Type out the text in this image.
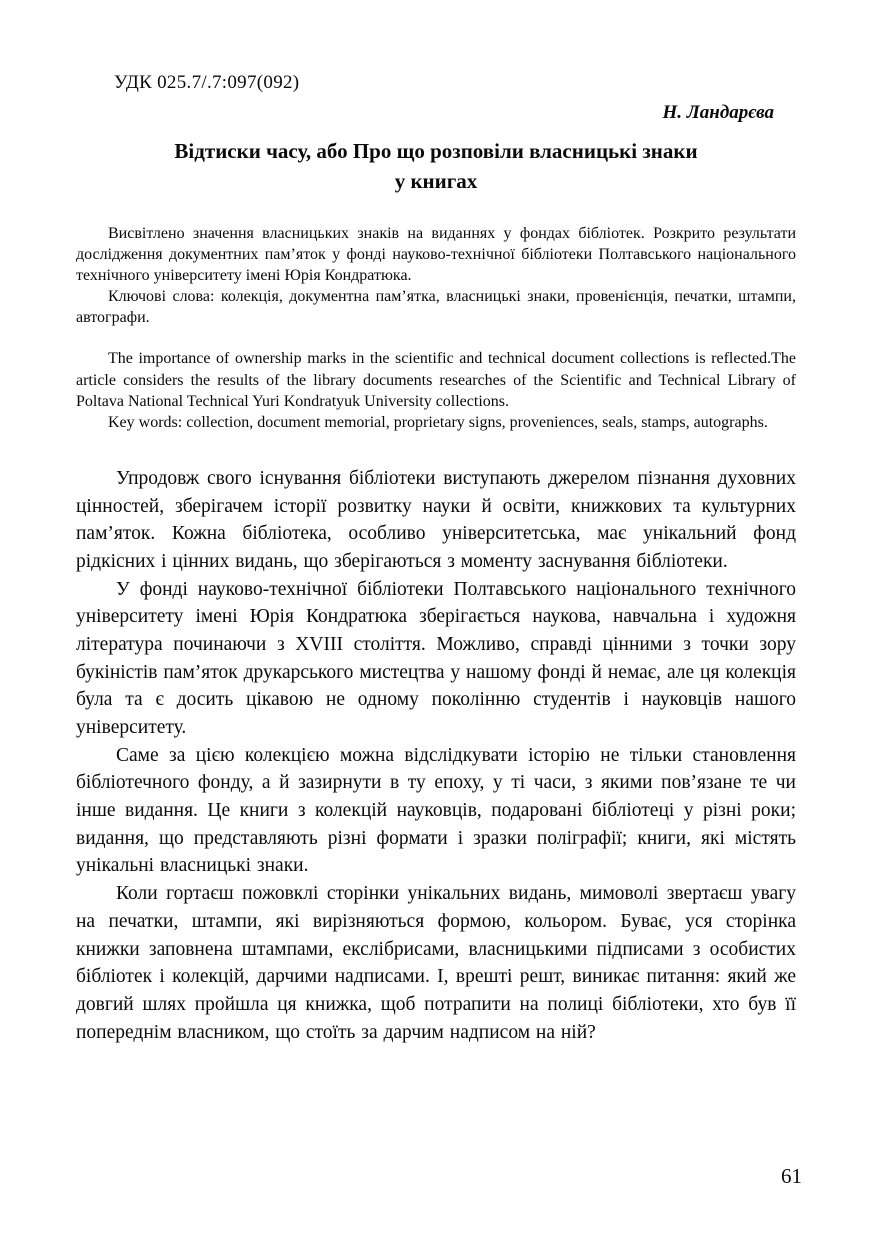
УДК 025.7/.7:097(092)
Н. Ландарєва
Відтиски часу, або Про що розповіли власницькі знаки
у книгах

Висвітлено значення власницьких знаків на виданнях у фондах бібліотек. Розкрито результати дослідження документних пам’яток у фонді науково-технічної бібліотеки Полтавського національного технічного університету імені Юрія Кондратюка.

Ключові слова: колекція, документна пам’ятка, власницькі знаки, провенієнція, печатки, штампи, автографи.

The importance of ownership marks in the scientific and technical document collections is reflected.The article considers the results of the library documents researches of the Scientific and Technical Library of Poltava National Technical Yuri Kondratyuk University collections.

Key words: collection, document memorial, proprietary signs, proveniences, seals, stamps, autographs.

Упродовж свого існування бібліотеки виступають джерелом пізнання духовних цінностей, зберігачем історії розвитку науки й освіти, книжкових та культурних пам’яток. Кожна бібліотека, особливо університетська, має унікальний фонд рідкісних і цінних видань, що зберігаються з моменту заснування бібліотеки.

У фонді науково-технічної бібліотеки Полтавського національного технічного університету імені Юрія Кондратюка зберігається наукова, навчальна і художня література починаючи з XVIII століття. Можливо, справді цінними з точки зору букіністів пам’яток друкарського мистецтва у нашому фонді й немає, але ця колекція була та є досить цікавою не одному поколінню студентів і науковців нашого університету.

Саме за цією колекцією можна відслідкувати історію не тільки становлення бібліотечного фонду, а й зазирнути в ту епоху, у ті часи, з якими пов’язане те чи інше видання. Це книги з колекцій науковців, подаровані бібліотеці у різні роки; видання, що представляють різні формати і зразки поліграфії; книги, які містять унікальні власницькі знаки.

Коли гортаєш пожовклі сторінки унікальних видань, мимоволі звертаєш увагу на печатки, штампи, які вирізняються формою, кольором. Буває, уся сторінка книжки заповнена штампами, екслібрисами, власницькими підписами з особистих бібліотек і колекцій, дарчими надписами. І, врешті решт, виникає питання: який же довгий шлях пройшла ця книжка, щоб потрапити на полиці бібліотеки, хто був її попереднім власником, що стоїть за дарчим надписом на ній?

61
